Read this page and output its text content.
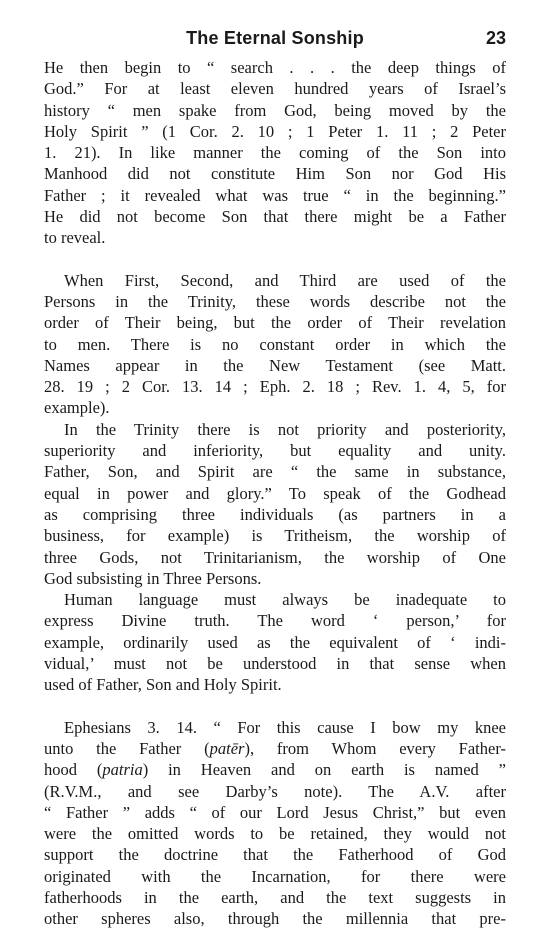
The Eternal Sonship	23
He then begin to “ search . . . the deep things of
God.” For at least eleven hundred years of Israel’s
history “ men spake from God, being moved by the
Holy Spirit ” (1 Cor. 2. 10 ; 1 Peter 1. 11 ; 2 Peter
1. 21). In like manner the coming of the Son into
Manhood did not constitute Him Son nor God His
Father ; it revealed what was true “ in the beginning.”
He did not become Son that there might be a Father
to reveal.
When First, Second, and Third are used of the
Persons in the Trinity, these words describe not the
order of Their being, but the order of Their revelation
to men. There is no constant order in which the
Names appear in the New Testament (see Matt.
28. 19 ; 2 Cor. 13. 14 ; Eph. 2. 18 ; Rev. 1. 4, 5, for
example).
In the Trinity there is not priority and posteriority,
superiority and inferiority, but equality and unity.
Father, Son, and Spirit are “ the same in substance,
equal in power and glory.” To speak of the Godhead
as comprising three individuals (as partners in a
business, for example) is Tritheism, the worship of
three Gods, not Trinitarianism, the worship of One
God subsisting in Three Persons.
Human language must always be inadequate to
express Divine truth. The word ‘ person,’ for
example, ordinarily used as the equivalent of ‘ indi-
vidual,’ must not be understood in that sense when
used of Father, Son and Holy Spirit.
Ephesians 3. 14. “ For this cause I bow my knee
unto the Father (patēr), from Whom every Father-
hood (patria) in Heaven and on earth is named ”
(R.V.M., and see Darby’s note). The A.V. after
“ Father ” adds “ of our Lord Jesus Christ,” but even
were the omitted words to be retained, they would not
support the doctrine that the Fatherhood of God
originated with the Incarnation, for there were
fatherhoods in the earth, and the text suggests in
other spheres also, through the millennia that pre-
